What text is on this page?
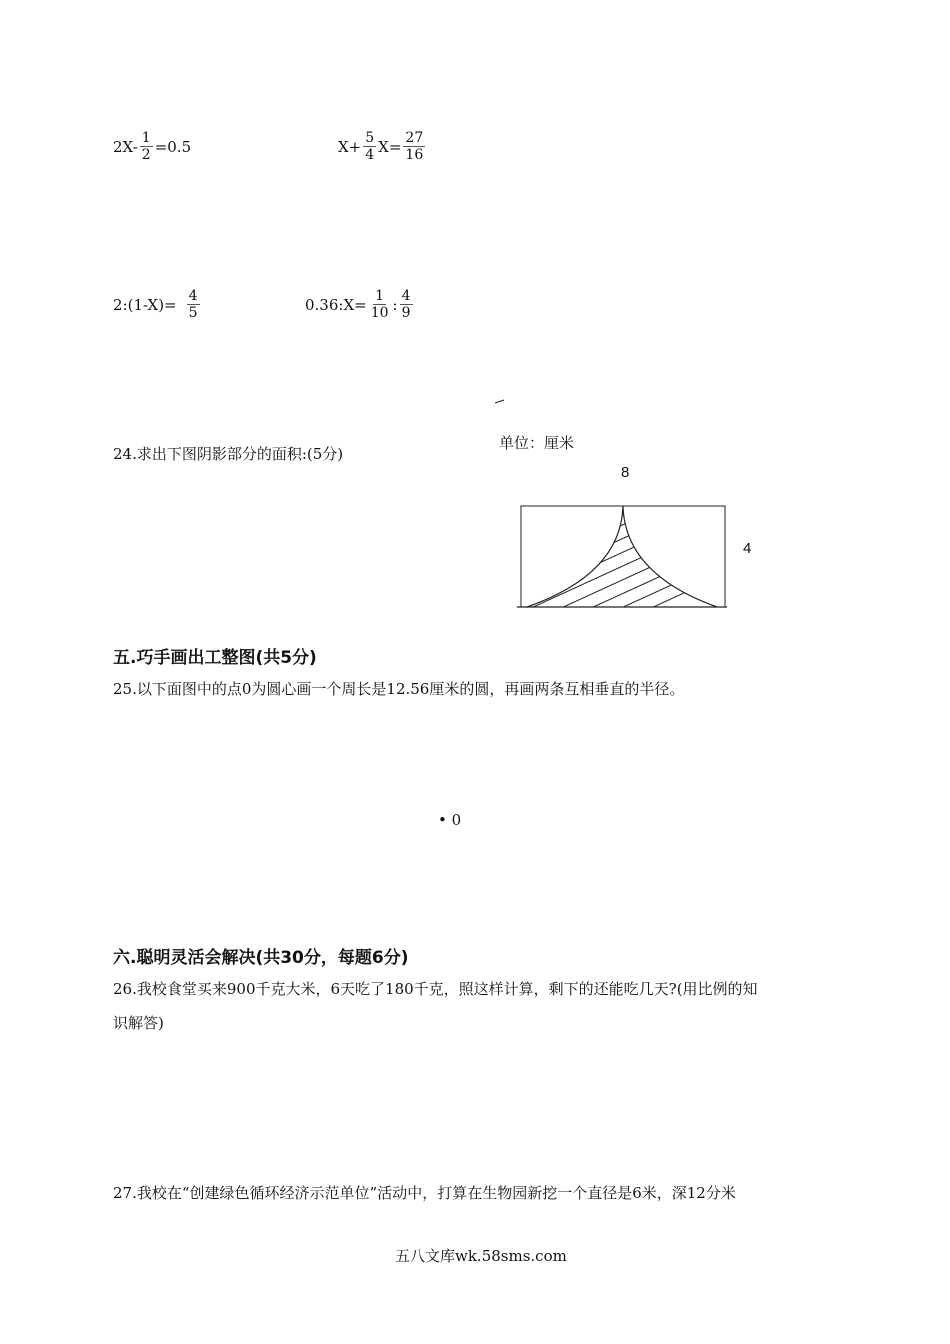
$2X- \frac{1}{2} =0.5$	$X+ \frac{5}{4} X= \frac{27}{16}$
2:(1-X)= $\frac{4}{5}$	0.36:X= $\frac{1}{10}$ : $\frac{4}{9}$
24.求出下图阴影部分的面积:(5分)
单位：厘米
8
4
五.巧手画出工整图(共5分)
25.以下面图中的点0为圆心画一个周长是12.56厘米的圆，再画两条互相垂直的半径。
• 0
六.聪明灵活会解决(共30分，每题6分)
26.我校食堂买来900千克大米，6天吃了180千克，照这样计算，剩下的还能吃几天?(用比例的知
识解答)
27.我校在“创建绿色循环经济示范单位”活动中，打算在生物园新挖一个直径是6米，深12分米
五八文库wk.58sms.com
